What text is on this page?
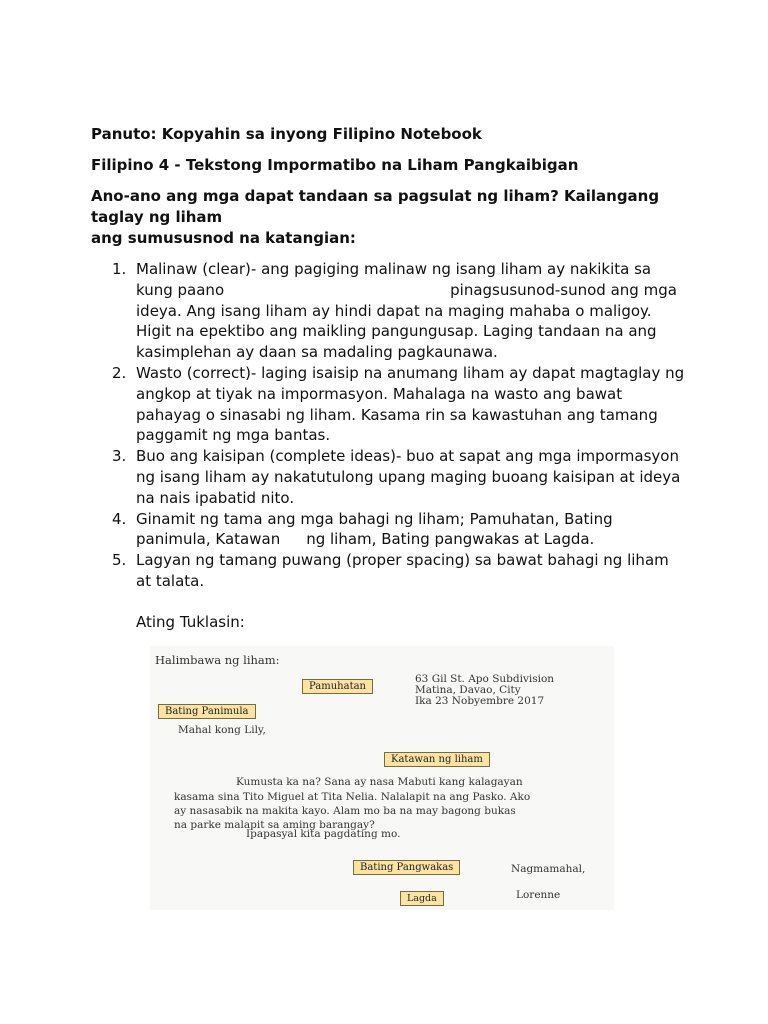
Panuto: Kopyahin sa inyong Filipino Notebook

Filipino 4 - Tekstong Impormatibo na Liham Pangkaibigan

Ano-ano ang mga dapat tandaan sa pagsulat ng liham? Kailangang
taglay ng liham
ang sumususnod na katangian:

1. Malinaw (clear)- ang pagiging malinaw ng isang liham ay nakikita sa kung paano	pinagsusunod-sunod ang mga ideya. Ang isang liham ay hindi dapat na maging mahaba o maligoy. Higit na epektibo ang maikling pangungusap. Laging tandaan na ang kasimplehan ay daan sa madaling pagkaunawa.
2. Wasto (correct)- laging isaisip na anumang liham ay dapat magtaglay ng angkop at tiyak na impormasyon. Mahalaga na wasto ang bawat pahayag o sinasabi ng liham. Kasama rin sa kawastuhan ang tamang paggamit ng mga bantas.
3. Buo ang kaisipan (complete ideas)- buo at sapat ang mga impormasyon ng isang liham ay nakatutulong upang maging buoang kaisipan at ideya na nais ipabatid nito.
4. Ginamit ng tama ang mga bahagi ng liham; Pamuhatan, Bating panimula, Katawan ng liham, Bating pangwakas at Lagda.
5. Lagyan ng tamang puwang (proper spacing) sa bawat bahagi ng liham at talata.

Ating Tuklasin:

Halimbawa ng liham:

Pamuhatan

63 Gil St. Apo Subdivision

Matina, Davao, City

Ika 23 Nobyembre 2017

Bating Panimula

Mahal kong Lily,

Katawan ng liham

Kumusta ka na? Sana ay nasa Mabuti kang kalagayan

kasama sina Tito Miguel at Tita Nelia. Nalalapit na ang Pasko. Ako

ay nasasabik na makita kayo. Alam mo ba na may bagong bukas

na parke malapit sa aming barangay?

Ipapasyal kita pagdating mo.

Bating Pangwakas	Nagmamahal,

Lagda	Lorenne
